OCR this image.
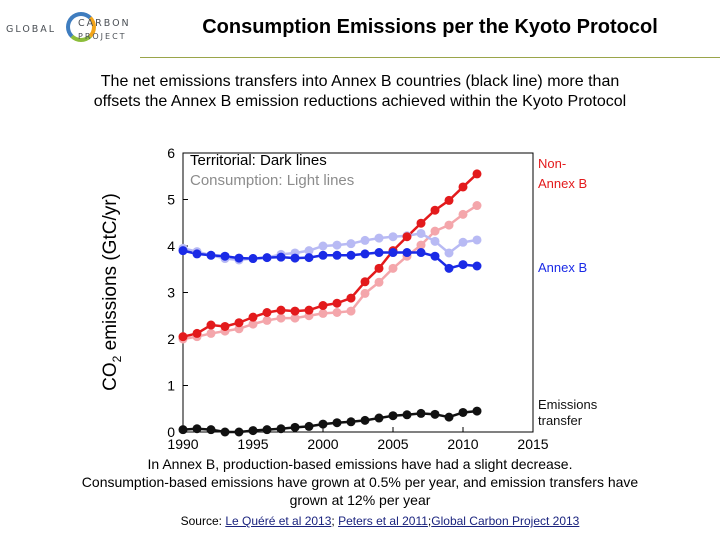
GLOBAL
CARBON
PROJECT	Consumption Emissions per the Kyoto Protocol
The net emissions transfers into Annex B countries (black line) more than
offsets the Annex B emission reductions achieved within the Kyoto Protocol
$CO_2$ emissions (GtC/yr)
0
1
2
3
4
5
6
1990	1995	2000	2005	2010	2015
Territorial: Dark lines
Consumption: Light lines
Non-
Annex B
Annex B
Emissions
transfer
In Annex B, production-based emissions have had a slight decrease.
Consumption-based emissions have grown at 0.5% per year, and emission transfers have
grown at 12% per year
Source: Le Quéré et al 2013; Peters et al 2011;Global Carbon Project 2013
